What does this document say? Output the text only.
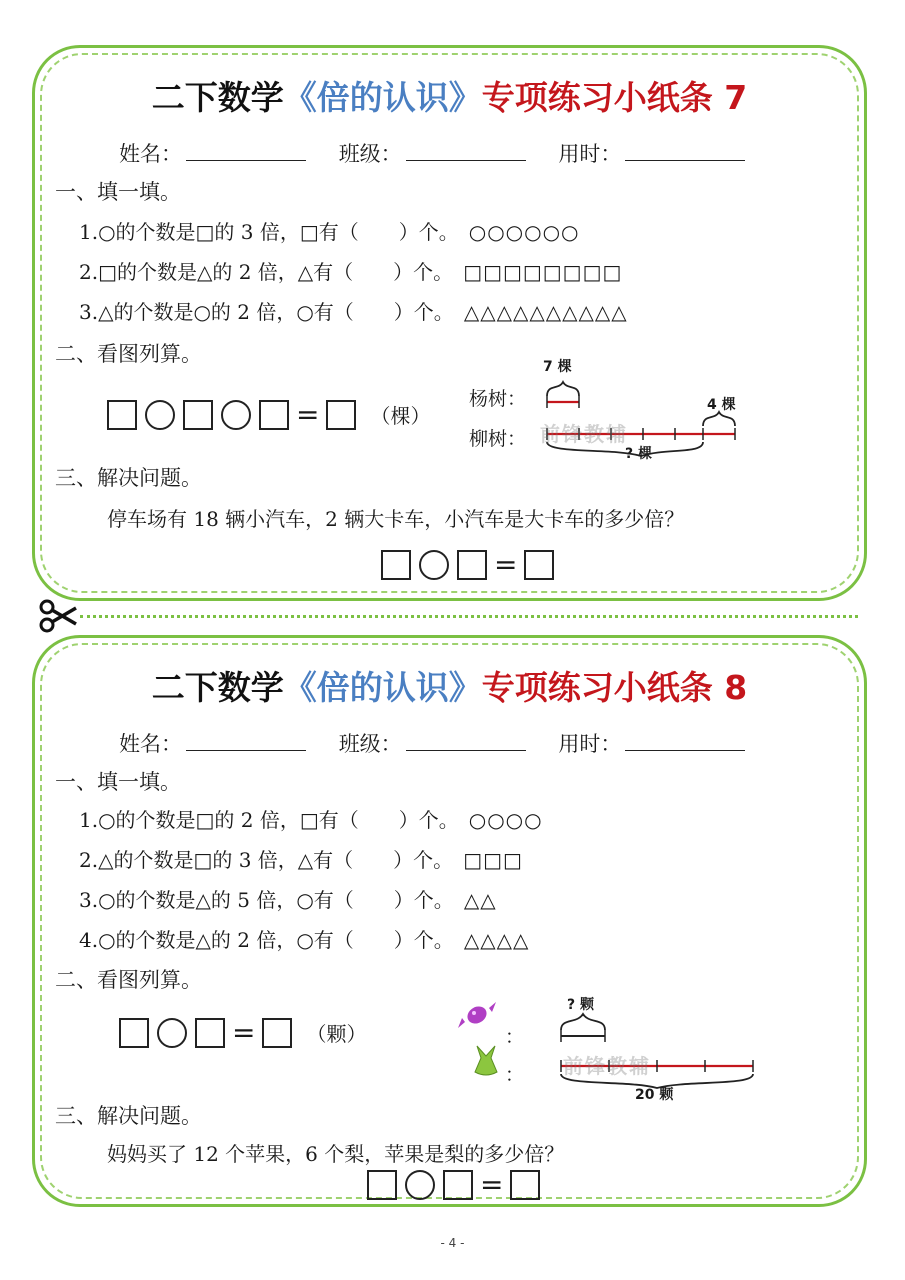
二下数学《倍的认识》专项练习小纸条 7
姓名：	班级：	用时：
一、填一填。
1.○的个数是□的 3 倍，□有（　　）个。 ○○○○○○
2.□的个数是△的 2 倍，△有（　　）个。 □□□□□□□□
3.△的个数是○的 2 倍，○有（　　）个。 △△△△△△△△△△
二、看图列算。
=	（棵）
杨树：
柳树：
7 棵
4 棵
? 棵
前锋教辅
三、解决问题。
停车场有 18 辆小汽车，2 辆大卡车，小汽车是大卡车的多少倍？
=
二下数学《倍的认识》专项练习小纸条 8
姓名：	班级：	用时：
一、填一填。
1.○的个数是□的 2 倍，□有（　　）个。 ○○○○
2.△的个数是□的 3 倍，△有（　　）个。 □□□
3.○的个数是△的 5 倍，○有（　　）个。 △△
4.○的个数是△的 2 倍，○有（　　）个。 △△△△
二、看图列算。
=	（颗）	：
：
? 颗
20 颗
前锋教辅
三、解决问题。
妈妈买了 12 个苹果，6 个梨，苹果是梨的多少倍？
=
- 4 -
